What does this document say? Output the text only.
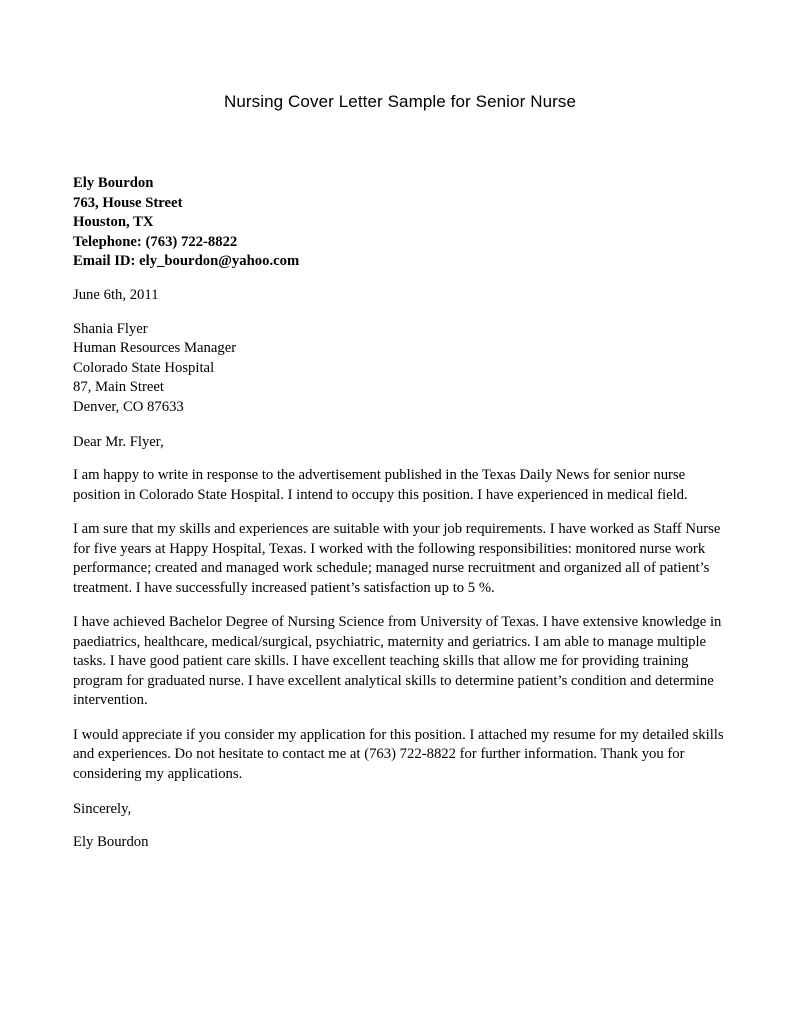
Nursing Cover Letter Sample for Senior Nurse
Ely Bourdon
763, House Street
Houston, TX
Telephone: (763) 722-8822
Email ID: ely_bourdon@yahoo.com
June 6th, 2011
Shania Flyer
Human Resources Manager
Colorado State Hospital
87, Main Street
Denver, CO 87633
Dear Mr. Flyer,

I am happy to write in response to the advertisement published in the Texas Daily News for senior nurse position in Colorado State Hospital. I intend to occupy this position. I have experienced in medical field.

I am sure that my skills and experiences are suitable with your job requirements. I have worked as Staff Nurse for five years at Happy Hospital, Texas. I worked with the following responsibilities: monitored nurse work performance; created and managed work schedule; managed nurse recruitment and organized all of patient’s treatment. I have successfully increased patient’s satisfaction up to 5 %.

I have achieved Bachelor Degree of Nursing Science from University of Texas. I have extensive knowledge in paediatrics, healthcare, medical/surgical, psychiatric, maternity and geriatrics. I am able to manage multiple tasks. I have good patient care skills. I have excellent teaching skills that allow me for providing training program for graduated nurse. I have excellent analytical skills to determine patient’s condition and determine intervention.

I would appreciate if you consider my application for this position. I attached my resume for my detailed skills and experiences. Do not hesitate to contact me at (763) 722-8822 for further information. Thank you for considering my applications.

Sincerely,
Ely Bourdon
